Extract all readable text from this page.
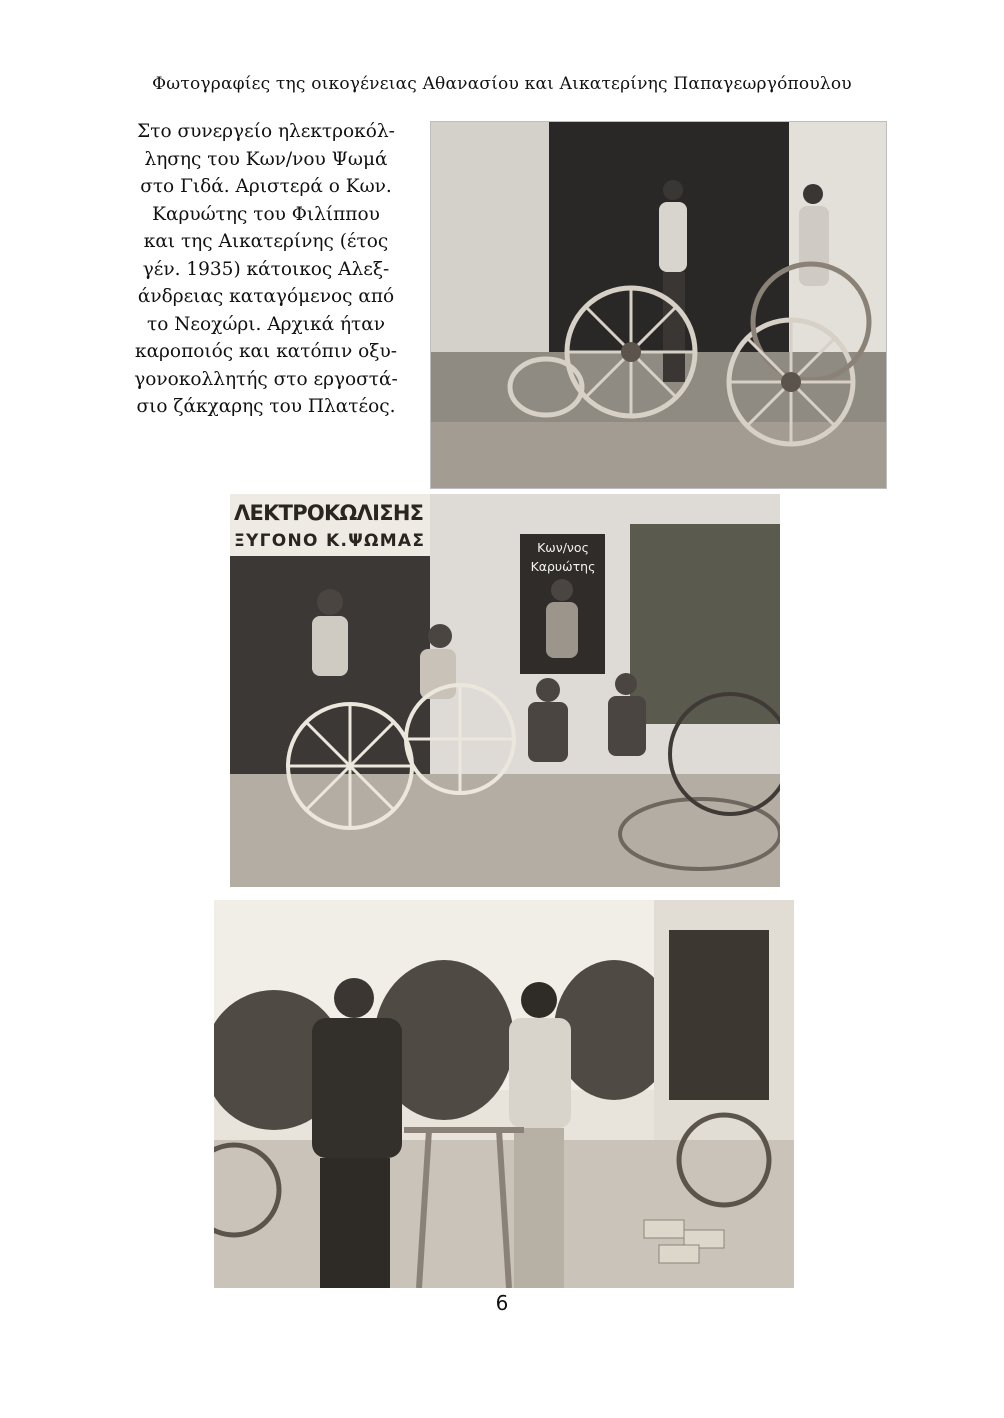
Φωτογραφίες της οικογένειας Αθανασίου και Αικατερίνης Παπαγεωργόπουλου
Στο συνεργείο ηλεκτροκόλ-
λησης του Κων/νου Ψωμά
στο Γιδά. Αριστερά ο Κων.
Καρυώτης του Φιλίππου
και της Αικατερίνης (έτος
γέν. 1935) κάτοικος Αλεξ-
άνδρειας καταγόμενος από
το Νεοχώρι. Αρχικά ήταν
καροποιός και κατόπιν οξυ-
γονοκολλητής στο εργοστά-
σιο ζάκχαρης του Πλατέος.
ΛΕΚΤΡΟΚΩΛΙΣΗΣ
ΞΥΓΟΝΟ Κ.ΨΩΜΑΣ	Κων/νος
Καρυώτης
6
